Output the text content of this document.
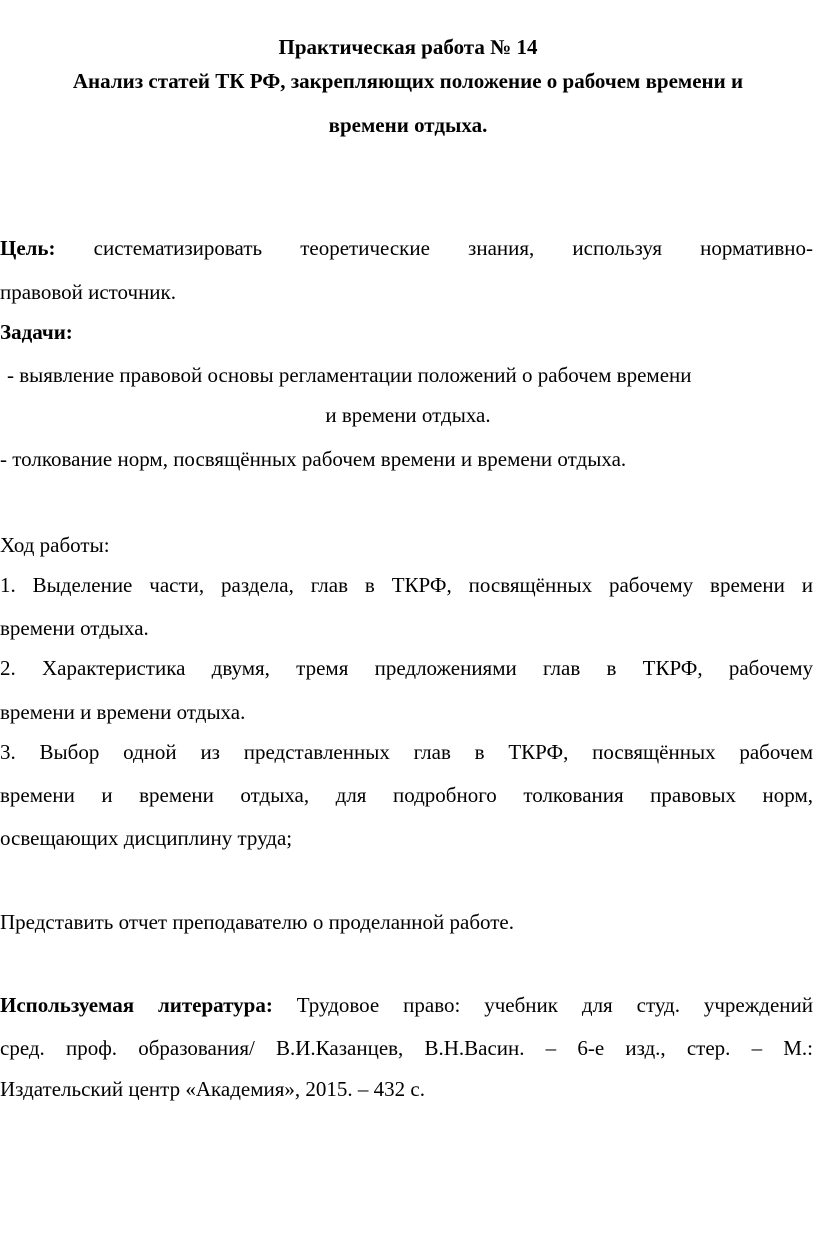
Практическая работа № 14
Анализ статей ТК РФ, закрепляющих положение о рабочем времени и
времени отдыха.
Цель: систематизировать теоретические знания, используя нормативно-
правовой источник.
Задачи:
- выявление правовой основы регламентации положений о рабочем времени
и времени отдыха.
- толкование норм, посвящённых рабочем времени и времени отдыха.
Ход работы:
1. Выделение части, раздела, глав в ТКРФ, посвящённых рабочему времени и
времени отдыха.
2. Характеристика двумя, тремя предложениями глав в ТКРФ, рабочему
времени и времени отдыха.
3. Выбор одной из представленных глав в ТКРФ, посвящённых рабочем
времени и времени отдыха, для подробного толкования правовых норм,
освещающих дисциплину труда;
Представить отчет преподавателю о проделанной работе.
Используемая литература: Трудовое право: учебник для студ. учреждений
сред. проф. образования/ В.И.Казанцев, В.Н.Васин. – 6-е изд., стер. – М.:
Издательский центр «Академия», 2015. – 432 с.
